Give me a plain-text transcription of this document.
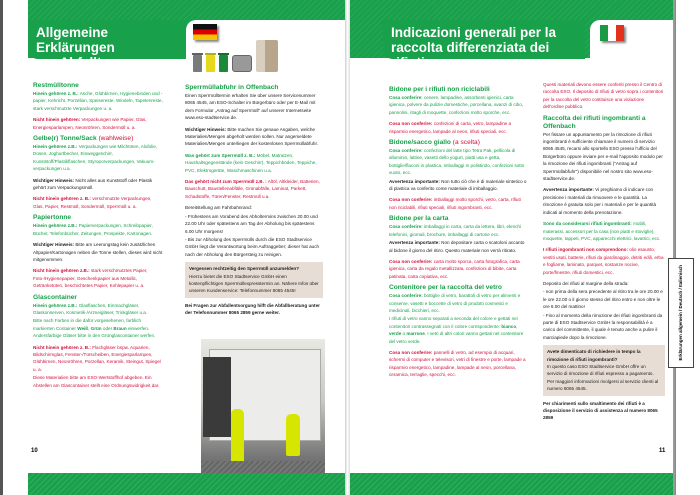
Allgemeine Erklärungen
zur Abfalltrennung
Restmülltonne

Hinein gehören z. B.: Asche, Glühbirnen, Hygienebinden und -papier, Kehricht, Porzellan, Speisereste, Windeln, Tapetenreste, stark verschmutzte Verpackungen u. a.

Nicht hinein gehören: Verpackungen wie Papier, Glas, Energiesparlampen, Neonröhren, Sondermüll u. a.

Gelbe(r) Tonne/Sack (wahlweise)

Hinein gehören z.B.: Verpackungen wie Milchtüten, Alufolie, Dosen, Joghurtbecher, Einweggeschirr, Kunststoff/Plastikflaschen, Styroporverpackungen, Vakuum- verpackungen u.a.

Wichtiger Hinweis: Nicht alles aus Kunststoff oder Plastik gehört zum Verpackungsmüll.

Nicht hinein gehören z. B.: verschmutzte Verpackungen, Glas, Papier, Restmüll, Sondermüll, Sperrmüll u. a.

Papiertonne

Hinein gehören z.B.: Papierverpackungen, Schreibpapier, Bücher, Telefonbücher, Zeitungen, Prospekte, Kartonagen.

Wichtiger Hinweis: Bitte am Leerungstag kein zusätzliches Altpapier/Kartonagen neben die Tonne stellen, dieses wird nicht mitgenommen.

Nicht hinein gehören z.B.: stark verschmutztes Papier, Foto-/Hygienepapier, Geschenkpapier aus Metallic, Getränketüten, beschichtetes Papier, Kohlepapier u. a.

Glascontainer

Hinein gehören z.B.: Glasflaschen, Einmachgläser, Glaskonserven, Kosmetik-/Arzneigläser, Trinkgläser u.a.

Bitte nach Farben in die dafür vorgesehenen, farblich markierten Container Weiß, Grün oder Braun einwerfen. Andersfarbige Gläser bitte in den Grünglascontainer werfen.

Nicht hinein gehören z. B.: Flachgläser bspw. Aquarien, Bildschirmglas, Fenster-/Türscheiben, Energiesparlampen, Glühbirnen, Neonröhren, Porzellan, Keramik, Steingut, Spiegel u. a.

Diese Materialien bitte am ESO-Wertstoffhof abgeben. Ein Abstellen am Glascontainer stellt eine Ordnungswidrigkeit dar.

Sperrmüllabfuhr in Offenbach

Einen Sperrmülltermin erhalten Sie über unsere Servicenummer 8065 4545, am ESO-Schalter im Bürgerbüro oder per E-Mail mit dem Formular „Antrag auf Sperrmüll“ auf unserer Internetseite www.eso-stadtservice.de.

Wichtiger Hinweis: Bitte machen Sie genaue Angaben, welche Materialien/Mengen abgeholt werden sollen. Nur angemeldete Materialien/Mengen unterliegen der kostenlosen Sperrmüllabfuhr.

Was gehört zum Sperrmüll z. B.: Möbel, Matratzen, Haushaltsgegenstände (kein Geschirr), Teppichböden, Teppiche, PVC, Elektrogeräte, Waschmaschinen u.a.

Das gehört nicht zum Sperrmüll z.B. : Altöl, Altkleider, Batterien, Bauschutt, Baustellenabfälle, Grünabfälle, Laminat, Parkett, Schadstoffe, Türen/Fenster, Restmüll u.a.

Bereitstellung am Fahrbahnrand:

- Frühestens am Vorabend des Abholtermins zwischen 20.00 und 22.00 Uhr oder spätestens am Tag der Abholung bis spätestens 6.00 Uhr morgens!

- Bis zur Abholung des Sperrmülls durch die ESO Stadtservice GmbH liegt die Verantwortung beim Auftraggeber; dieser hat auch nach der Abholung den Bürgersteig zu reinigen.

Vergessen rechtzeitig den Sperrmüll anzumelden?
Hierzu bietet die ESO Stadtservice GmbH einen kostenpflichtigen Sperrmüllexpresstermin an. Nähere Infos über unseren Kundenservice: Telefonnummer 8065 4545!

Bei Fragen zur Abfallentsorgung hilft die Abfallberatung unter der Telefonnummer 8065 2859 gerne weiter.

10
Indicazioni generali per la
raccolta differenziata dei rifiuti
Bidone per i rifiuti non riciclabili

Cosa conferire: cenere, lampadine, assorbenti igienici, carta igienica, polvere da pulizie domestiche, porcellana, avanzi di cibo, pannolini, ritagli di moquette, confezioni molto sporche, ecc.

Cosa non conferire: confezioni di carta, vetro, lampadine a risparmio energetico, lampade al neon, rifiuti speciali, ecc.

Bidone/sacco giallo (a scelta)

Cosa conferire: confezioni del latte tipo Tetra Pak, pellicola di alluminio, lattine, vasetti dello yogurt, piatti usa e getta, bottiglie/flaconi in plastica, imballaggi in polistirolo, confezioni sotto vuoto, ecc.

Avvertenza importante: Non tutto ciò che è di materiale sintetico o di plastica va conferito come materiale di imballaggio.

Cosa non conferire: imballaggi molto sporchi, vetro, carta, rifiuti non riciclabili, rifiuti speciali, rifiuti ingombranti, ecc.

Bidone per la carta

Cosa conferire: imballaggi in carta, carta da lettera, libri, elenchi telefonici, giornali, brochure, imballaggi di cartone ecc.

Avvertenza importante: Non depositare carta o scatoloni accanto al bidone il giorno del ritiro. Questo materiale non verrà ritirato.

Cosa non conferire: carta molto sporca, carta fotografica, carta igienica, carta da regalo metallizzata, confezioni di bibite, carta patinata, carta copiativa, ecc.

Contenitore per la raccolta del vetro

Cosa conferire: bottiglie di vetro, barattoli di vetro per alimenti e conserve, vasetti e boccette di vetro di prodotti cosmetici e medicinali, bicchieri, ecc.

I rifiuti di vetro vanno separati a seconda del colore e gettati nei contenitori contrassegnati con il colore corrispondente: bianco, verde o marrone. I vetri di altri colori vanno gettati nel contenitore del vetro verde.

Cosa non conferire: pannelli di vetro, ad esempio di acquari, schermi di computer e televisori, vetri di finestre e porte, lampade a risparmio energetico, lampadine, lampade al neon, porcellana, ceramica, terraglie, specchi, ecc.

Questi materiali devono essere conferiti presso il Centro di raccolta ESO. Il deposito di rifiuti di vetro sopra i contenitori per la raccolta del vetro costituisce una violazione dell'ordine pubblico.

Raccolta dei rifiuti ingombranti a Offenbach

Per fissare un appuntamento per la rimozione di rifiuti ingombranti è sufficiente chiamare il numero di servizio 8065 4545, recarsi allo sportello ESO presso l'ufficio del Bürgerbüro oppure inviare per e-mail l'apposito modulo per la rimozione dei rifiuti ingombranti ("Antrag auf Sperrmüllabfuhr") disponibile nel nostro sito www.eso-stadtservice.de.

Avvertenza importante: Vi preghiamo di indicare con precisione i materiali da rimuovere e le quantità. La rimozione è gratuita solo per i materiali e per le quantità indicati al momento della prenotazione.

Sono da considerarsi rifiuti ingombranti: mobili, materassi, accessori per la casa (non piatti e stoviglie), moquette, tappeti, PVC, apparecchi elettrici, lavatrici, ecc.

I rifiuti ingombranti non comprendono: olio esausto, vestiti usati, batterie, rifiuti da giardinaggio, detriti edili, erba e fogliame, laminato, parquet, sostanze nocive, porte/finestre, rifiuti domestici, ecc.

Deposito dei rifiuti al margine della strada:

- non prima della sera precedente al ritiro tra le ore 20.00 e le ore 22.00 o il giorno stesso del ritiro entro e non oltre le ore 6.00 del mattino!

- Fino al momento della rimozione dei rifiuti ingombranti da parte di ESO Stadtservice GmbH la responsabilità è a carico del committente, il quale è tenuto anche a pulire il marciapiede dopo la rimozione.

Avete dimenticato di richiedere in tempo la rimozione di rifiuti ingombranti?
In questo caso ESO Stadtservice GmbH offre un servizio di rimozione di rifiuti espresso a pagamento. Per maggiori informazioni rivolgersi al servizio clienti al numero 8065 4545.

Per chiarimenti sullo smaltimento dei rifiuti è a disposizione il servizio di assistenza al numero 8065 2859

11
Erklärungen allgemein / Deutsch / Italienisch
